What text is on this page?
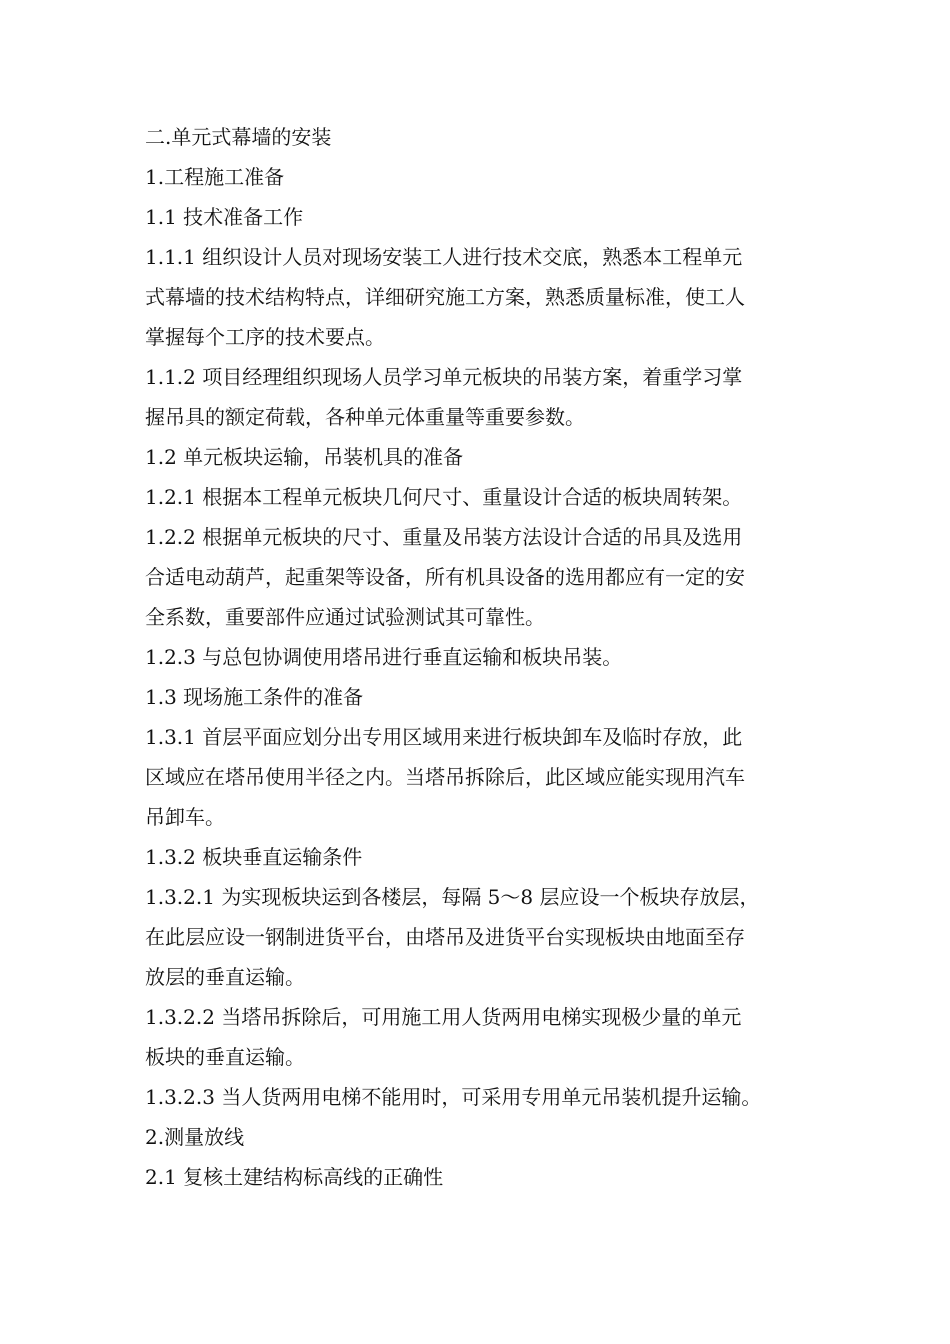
二.单元式幕墙的安装
1.工程施工准备
1.1 技术准备工作
1.1.1 组织设计人员对现场安装工人进行技术交底，熟悉本工程单元
式幕墙的技术结构特点，详细研究施工方案，熟悉质量标准，使工人
掌握每个工序的技术要点。
1.1.2 项目经理组织现场人员学习单元板块的吊装方案，着重学习掌
握吊具的额定荷载，各种单元体重量等重要参数。
1.2 单元板块运输，吊装机具的准备
1.2.1 根据本工程单元板块几何尺寸、重量设计合适的板块周转架。
1.2.2 根据单元板块的尺寸、重量及吊装方法设计合适的吊具及选用
合适电动葫芦，起重架等设备，所有机具设备的选用都应有一定的安
全系数，重要部件应通过试验测试其可靠性。
1.2.3 与总包协调使用塔吊进行垂直运输和板块吊装。
1.3 现场施工条件的准备
1.3.1 首层平面应划分出专用区域用来进行板块卸车及临时存放，此
区域应在塔吊使用半径之内。当塔吊拆除后，此区域应能实现用汽车
吊卸车。
1.3.2 板块垂直运输条件
1.3.2.1 为实现板块运到各楼层，每隔 5～8 层应设一个板块存放层，
在此层应设一钢制进货平台，由塔吊及进货平台实现板块由地面至存
放层的垂直运输。
1.3.2.2 当塔吊拆除后，可用施工用人货两用电梯实现极少量的单元
板块的垂直运输。
1.3.2.3 当人货两用电梯不能用时，可采用专用单元吊装机提升运输。
2.测量放线
2.1 复核土建结构标高线的正确性
